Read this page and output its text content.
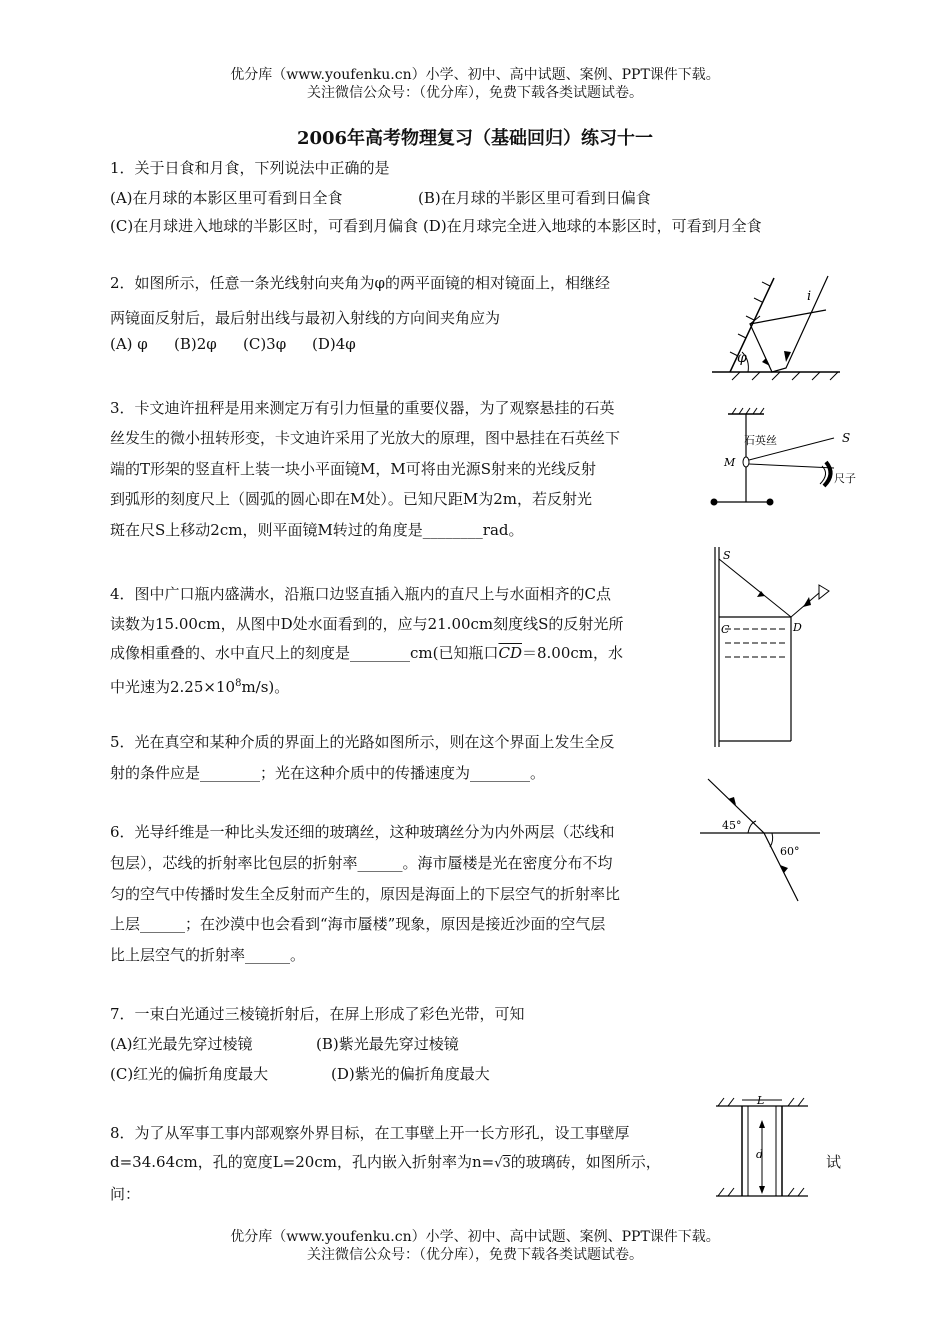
优分库（www.youfenku.cn）小学、初中、高中试题、案例、PPT课件下载。
关注微信公众号：（优分库），免费下载各类试题试卷。
2006年高考物理复习（基础回归）练习十一
1．关于日食和月食，下列说法中正确的是
(A)在月球的本影区里可看到日全食	(B)在月球的半影区里可看到日偏食
(C)在月球进入地球的半影区时，可看到月偏食 (D)在月球完全进入地球的本影区时，可看到月全食
2．如图所示，任意一条光线射向夹角为φ的两平面镜的相对镜面上，相继经
两镜面反射后，最后射出线与最初入射线的方向间夹角应为
(A) φ (B)2φ (C)3φ (D)4φ
φ
i
3．卡文迪许扭秤是用来测定万有引力恒量的重要仪器，为了观察悬挂的石英
丝发生的微小扭转形变，卡文迪许采用了光放大的原理，图中悬挂在石英丝下
端的T形架的竖直杆上装一块小平面镜M，M可将由光源S射来的光线反射
到弧形的刻度尺上（圆弧的圆心即在M处）。已知尺距M为2m，若反射光
斑在尺S上移动2cm，则平面镜M转过的角度是________rad。
石英丝	S
M
尺子
4．图中广口瓶内盛满水，沿瓶口边竖直插入瓶内的直尺上与水面相齐的C点
读数为15.00cm，从图中D处水面看到的，应与21.00cm刻度线S的反射光所
成像相重叠的、水中直尺上的刻度是________cm(已知瓶口$\overline{CD}=8.00cm$，水
中光速为$2.25\times 10^8m/s$)。
S
C	D
5．光在真空和某种介质的界面上的光路如图所示，则在这个界面上发生全反
射的条件应是________；光在这种介质中的传播速度为________。
45°
60°
6．光导纤维是一种比头发还细的玻璃丝，这种玻璃丝分为内外两层（芯线和
包层），芯线的折射率比包层的折射率______。海市蜃楼是光在密度分布不均
匀的空气中传播时发生全反射而产生的，原因是海面上的下层空气的折射率比
上层______；在沙漠中也会看到“海市蜃楼”现象，原因是接近沙面的空气层
比上层空气的折射率______。
7．一束白光通过三棱镜折射后，在屏上形成了彩色光带，可知
(A)红光最先穿过棱镜	(B)紫光最先穿过棱镜
(C)红光的偏折角度最大	(D)紫光的偏折角度最大
8．为了从军事工事内部观察外界目标，在工事壁上开一长方形孔，设工事壁厚
d=34.64cm，孔的宽度L=20cm，孔内嵌入折射率为n=√3的玻璃砖，如图所示，	试
问：
L
d
优分库（www.youfenku.cn）小学、初中、高中试题、案例、PPT课件下载。
关注微信公众号：（优分库），免费下载各类试题试卷。
